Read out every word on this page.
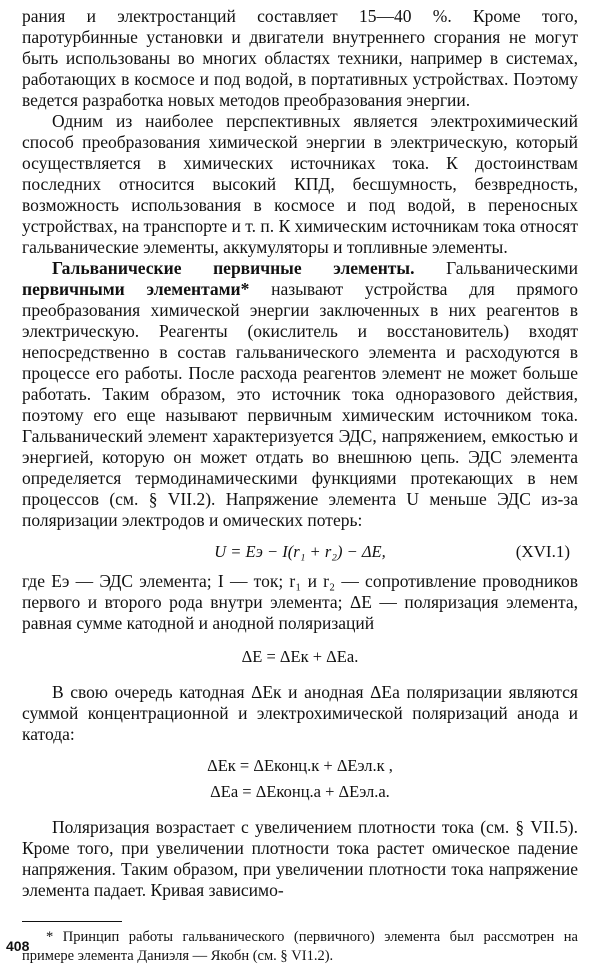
рания и электростанций составляет 15—40 %. Кроме того, паротурбинные установки и двигатели внутреннего сгорания не могут быть использованы во многих областях техники, например в системах, работающих в космосе и под водой, в портативных устройствах. Поэтому ведется разработка новых методов преобразования энергии.

Одним из наиболее перспективных является электрохимический способ преобразования химической энергии в электрическую, который осуществляется в химических источниках тока. К достоинствам последних относится высокий КПД, бесшумность, безвредность, возможность использования в космосе и под водой, в переносных устройствах, на транспорте и т. п. К химическим источникам тока относят гальванические элементы, аккумуляторы и топливные элементы.

Гальванические первичные элементы. Гальваническими первичными элементами* называют устройства для прямого преобразования химической энергии заключенных в них реагентов в электрическую. Реагенты (окислитель и восстановитель) входят непосредственно в состав гальванического элемента и расходуются в процессе его работы. После расхода реагентов элемент не может больше работать. Таким образом, это источник тока одноразового действия, поэтому его еще называют первичным химическим источником тока. Гальванический элемент характеризуется ЭДС, напряжением, емкостью и энергией, которую он может отдать во внешнюю цепь. ЭДС элемента определяется термодинамическими функциями протекающих в нем процессов (см. § VII.2). Напряжение элемента U меньше ЭДС из-за поляризации электродов и омических потерь:

U = Eэ − I(r₁ + r₂) − ΔE,	(XVI.1)

где Eэ — ЭДС элемента; I — ток; r₁ и r₂ — сопротивление проводников первого и второго рода внутри элемента; ΔE — поляризация элемента, равная сумме катодной и анодной поляризаций

ΔE = ΔEк + ΔEа.

В свою очередь катодная ΔEк и анодная ΔEа поляризации являются суммой концентрационной и электрохимической поляризаций анода и катода:

ΔEк = ΔEконц.к + ΔEэл.к ,
ΔEа = ΔEконц.а + ΔEэл.а.

Поляризация возрастает с увеличением плотности тока (см. § VII.5). Кроме того, при увеличении плотности тока растет омическое падение напряжения. Таким образом, при увеличении плотности тока напряжение элемента падает. Кривая зависимо-

* Принцип работы гальванического (первичного) элемента был рассмотрен на примере элемента Даниэля — Якобн (см. § VI1.2).

408
